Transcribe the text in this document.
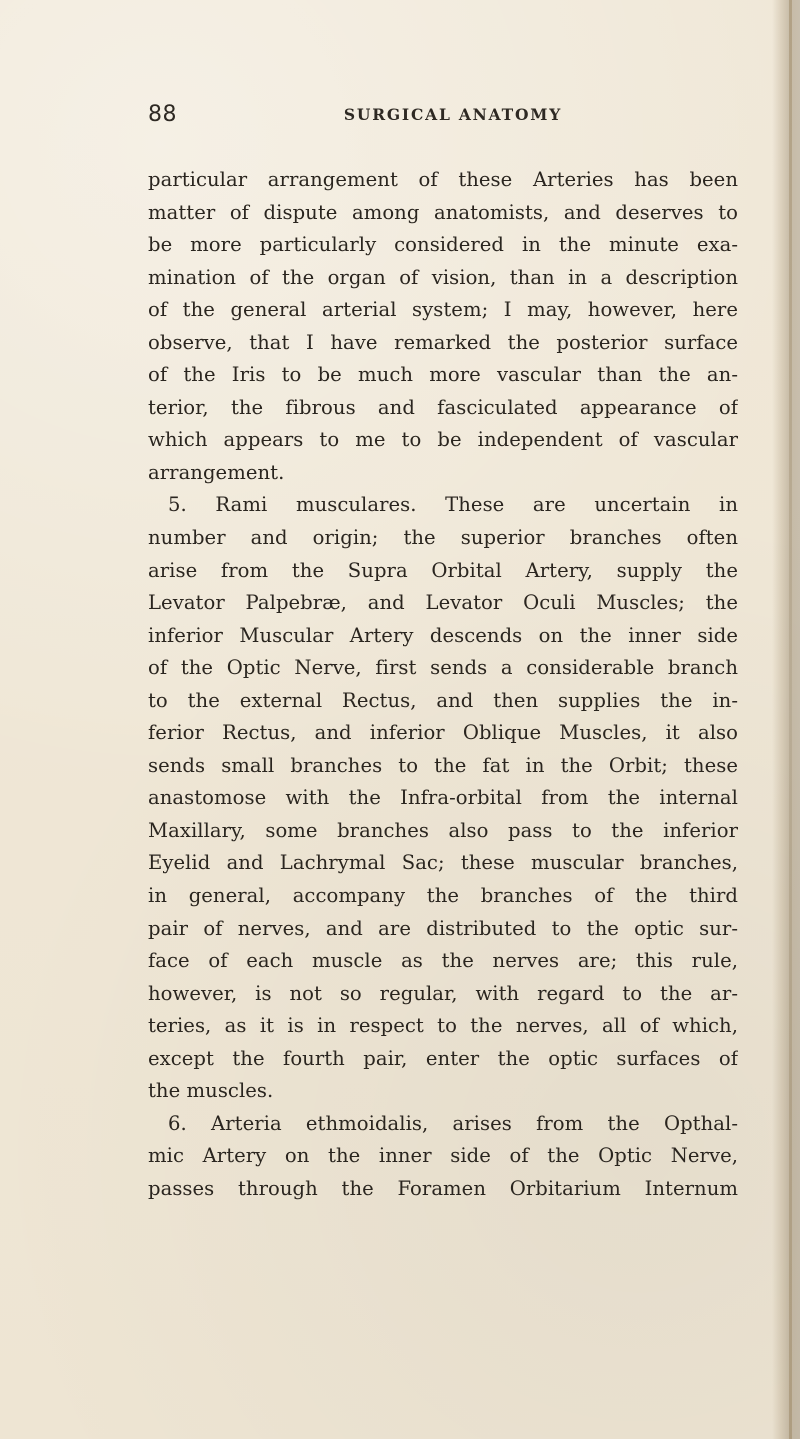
88	SURGICAL ANATOMY
particular arrangement of these Arteries has been
matter of dispute among anatomists, and deserves to
be more particularly considered in the minute exa-
mination of the organ of vision, than in a description
of the general arterial system; I may, however, here
observe, that I have remarked the posterior surface
of the Iris to be much more vascular than the an-
terior, the fibrous and fasciculated appearance of
which appears to me to be independent of vascular
arrangement.
5. Rami musculares. These are uncertain in
number and origin; the superior branches often
arise from the Supra Orbital Artery, supply the
Levator Palpebræ, and Levator Oculi Muscles; the
inferior Muscular Artery descends on the inner side
of the Optic Nerve, first sends a considerable branch
to the external Rectus, and then supplies the in-
ferior Rectus, and inferior Oblique Muscles, it also
sends small branches to the fat in the Orbit; these
anastomose with the Infra-orbital from the internal
Maxillary, some branches also pass to the inferior
Eyelid and Lachrymal Sac; these muscular branches,
in general, accompany the branches of the third
pair of nerves, and are distributed to the optic sur-
face of each muscle as the nerves are; this rule,
however, is not so regular, with regard to the ar-
teries, as it is in respect to the nerves, all of which,
except the fourth pair, enter the optic surfaces of
the muscles.
6. Arteria ethmoidalis, arises from the Opthal-
mic Artery on the inner side of the Optic Nerve,
passes through the Foramen Orbitarium Internum
